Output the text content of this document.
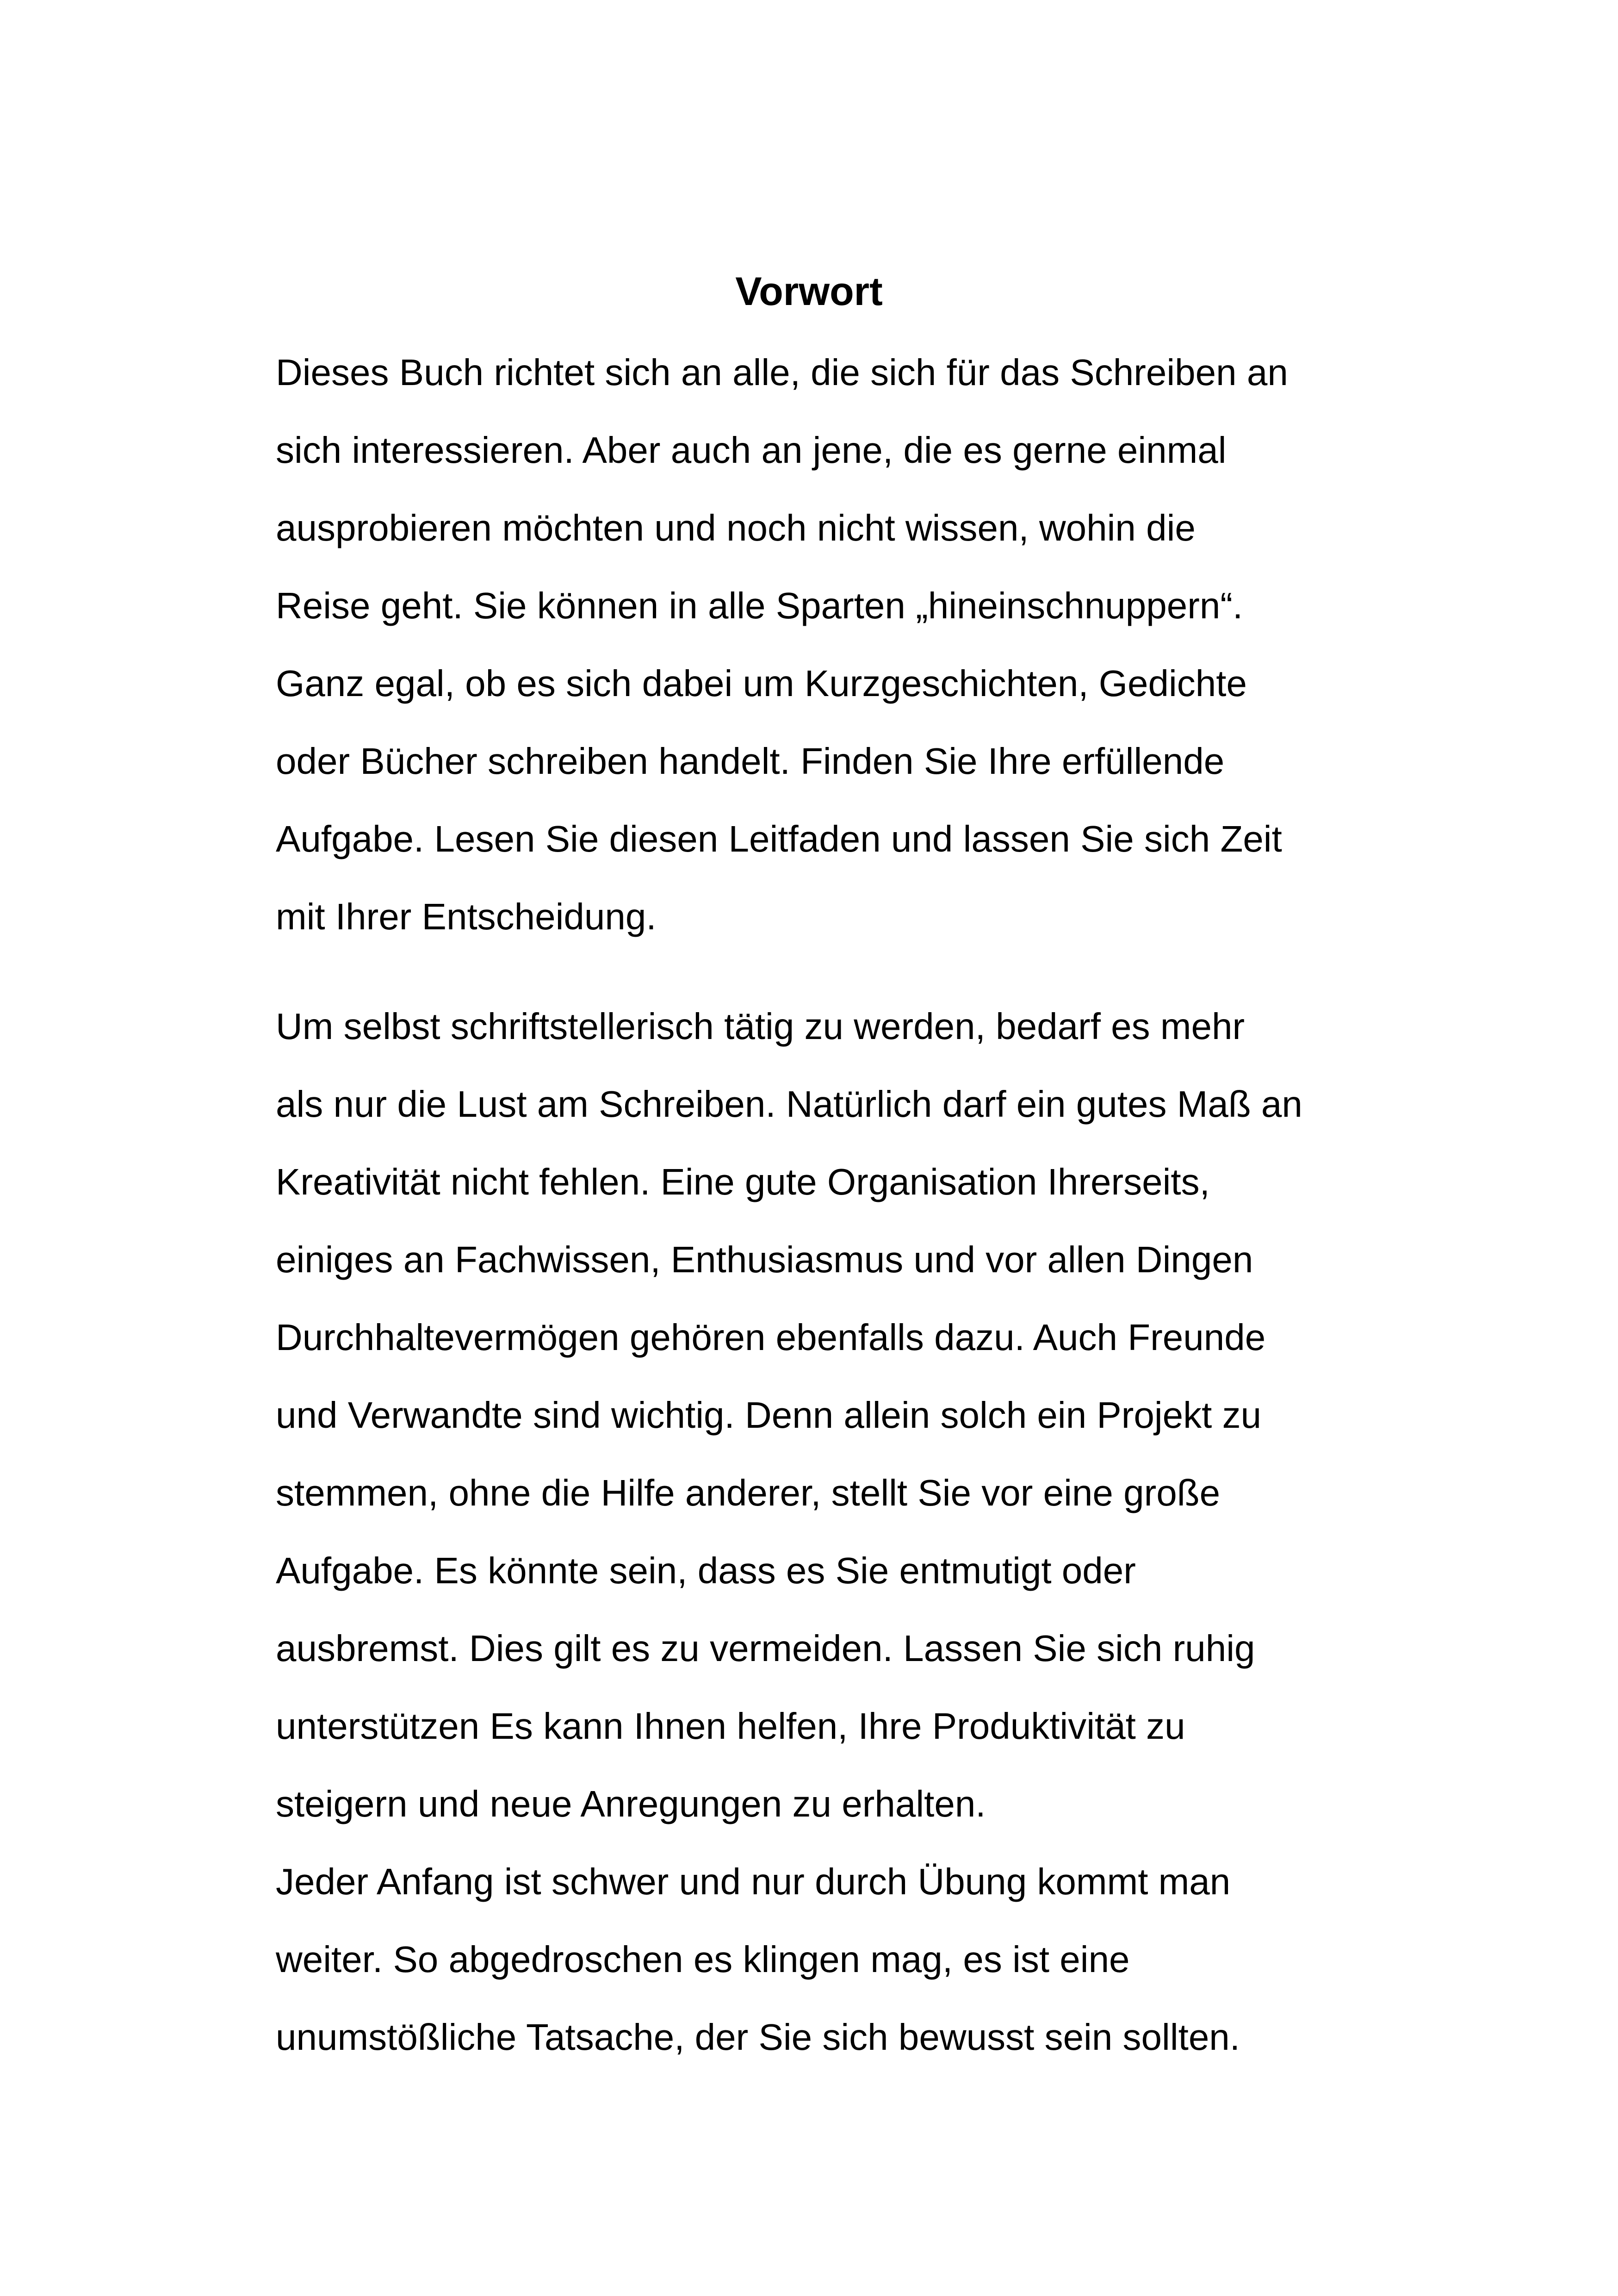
Vorwort
Dieses Buch richtet sich an alle, die sich für das Schreiben an
sich interessieren. Aber auch an jene, die es gerne einmal
ausprobieren möchten und noch nicht wissen, wohin die
Reise geht. Sie können in alle Sparten „hineinschnuppern“.
Ganz egal, ob es sich dabei um Kurzgeschichten, Gedichte
oder Bücher schreiben handelt. Finden Sie Ihre erfüllende
Aufgabe. Lesen Sie diesen Leitfaden und lassen Sie sich Zeit
mit Ihrer Entscheidung.
Um selbst schriftstellerisch tätig zu werden, bedarf es mehr
als nur die Lust am Schreiben. Natürlich darf ein gutes Maß an
Kreativität nicht fehlen. Eine gute Organisation Ihrerseits,
einiges an Fachwissen, Enthusiasmus und vor allen Dingen
Durchhaltevermögen gehören ebenfalls dazu. Auch Freunde
und Verwandte sind wichtig. Denn allein solch ein Projekt zu
stemmen, ohne die Hilfe anderer, stellt Sie vor eine große
Aufgabe. Es könnte sein, dass es Sie entmutigt oder
ausbremst. Dies gilt es zu vermeiden. Lassen Sie sich ruhig
unterstützen Es kann Ihnen helfen, Ihre Produktivität zu
steigern und neue Anregungen zu erhalten.
Jeder Anfang ist schwer und nur durch Übung kommt man
weiter. So abgedroschen es klingen mag, es ist eine
unumstößliche Tatsache, der Sie sich bewusst sein sollten.
